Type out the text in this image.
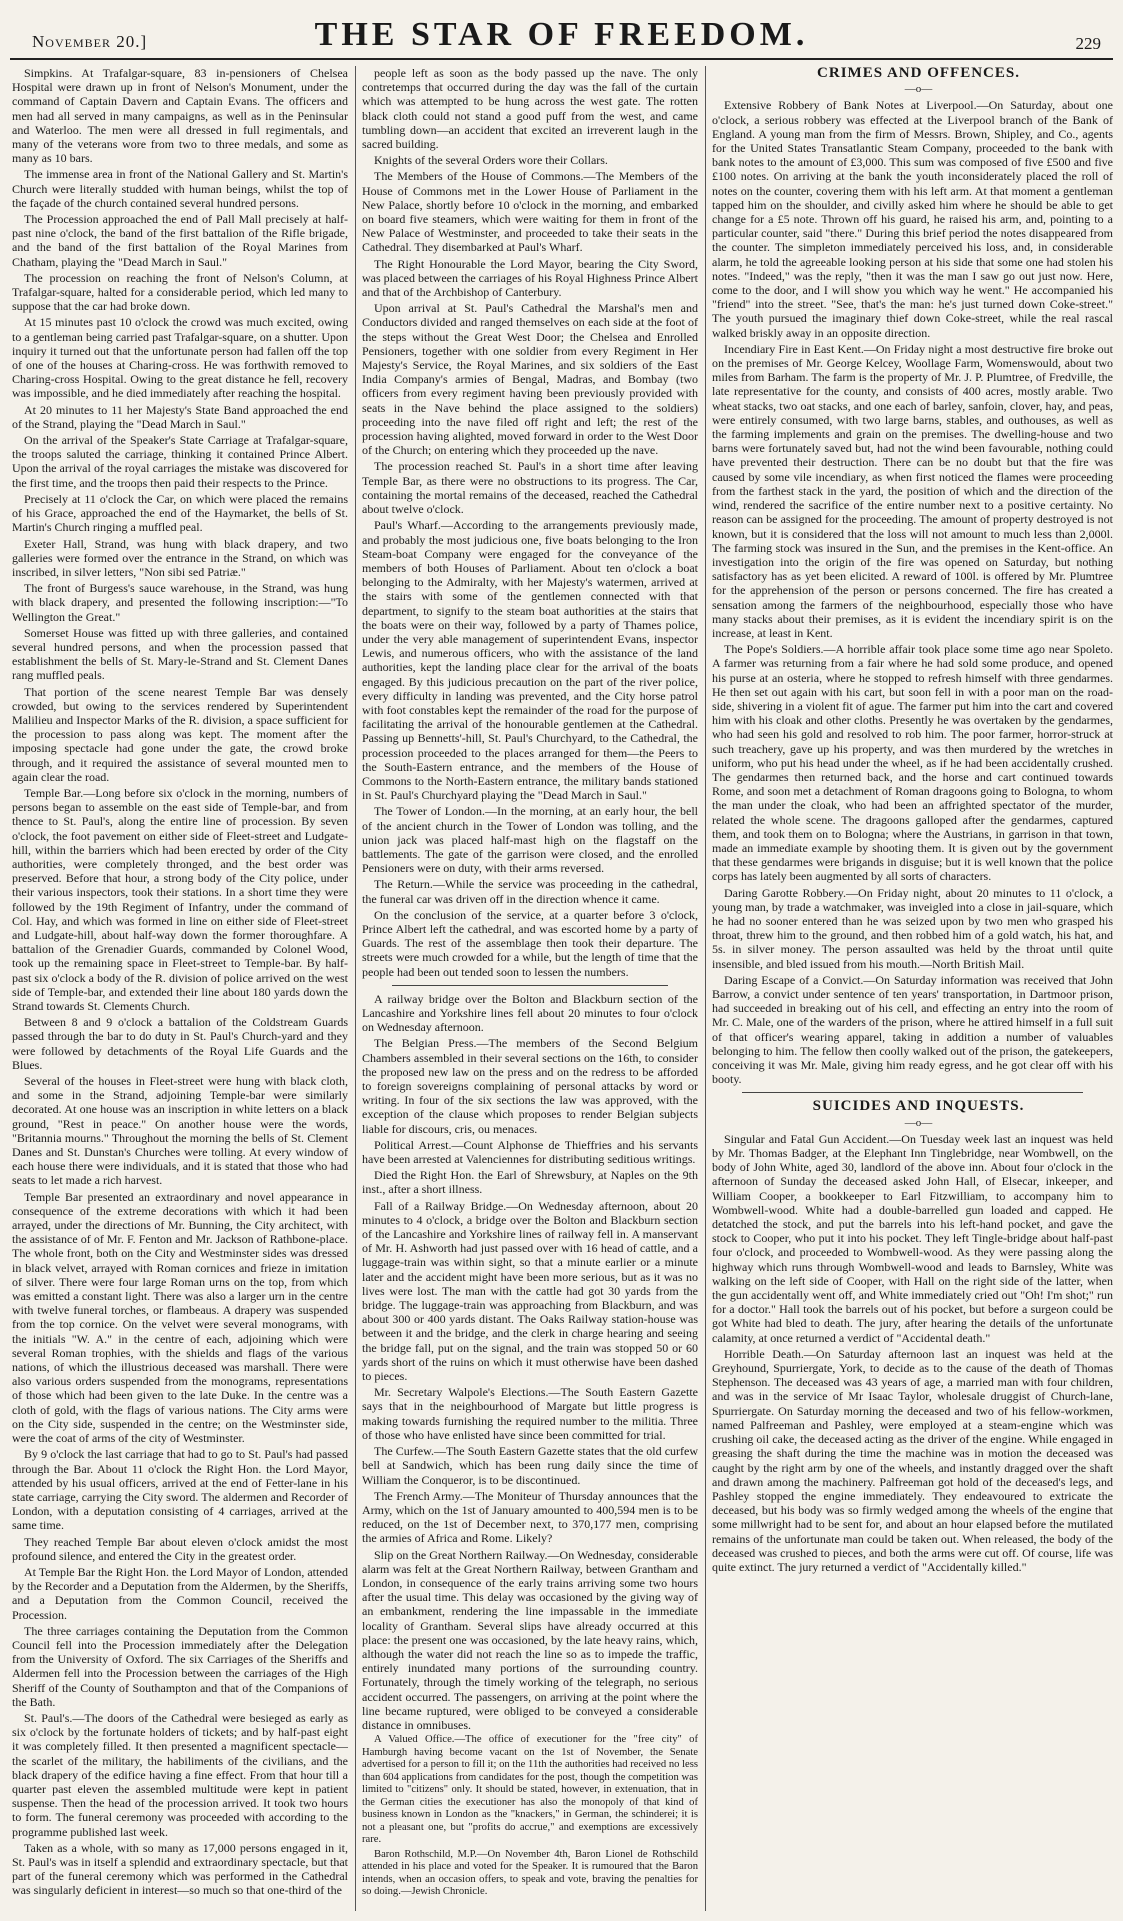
November 20.]	THE STAR OF FREEDOM.	229

Simpkins. At Trafalgar-square, 83 in-pensioners of Chelsea Hospital were drawn up in front of Nelson's Monument, under the command of Captain Davern and Captain Evans. The officers and men had all served in many campaigns, as well as in the Peninsular and Waterloo. The men were all dressed in full regimentals, and many of the veterans wore from two to three medals, and some as many as 10 bars.

The immense area in front of the National Gallery and St. Martin's Church were literally studded with human beings, whilst the top of the façade of the church contained several hundred persons.

The Procession approached the end of Pall Mall precisely at half-past nine o'clock, the band of the first battalion of the Rifle brigade, and the band of the first battalion of the Royal Marines from Chatham, playing the "Dead March in Saul."

The procession on reaching the front of Nelson's Column, at Trafalgar-square, halted for a considerable period, which led many to suppose that the car had broke down.

At 15 minutes past 10 o'clock the crowd was much excited, owing to a gentleman being carried past Trafalgar-square, on a shutter. Upon inquiry it turned out that the unfortunate person had fallen off the top of one of the houses at Charing-cross. He was forthwith removed to Charing-cross Hospital. Owing to the great distance he fell, recovery was impossible, and he died immediately after reaching the hospital.

At 20 minutes to 11 her Majesty's State Band approached the end of the Strand, playing the "Dead March in Saul."

On the arrival of the Speaker's State Carriage at Trafalgar-square, the troops saluted the carriage, thinking it contained Prince Albert. Upon the arrival of the royal carriages the mistake was discovered for the first time, and the troops then paid their respects to the Prince.

Precisely at 11 o'clock the Car, on which were placed the remains of his Grace, approached the end of the Haymarket, the bells of St. Martin's Church ringing a muffled peal.

Exeter Hall, Strand, was hung with black drapery, and two galleries were formed over the entrance in the Strand, on which was inscribed, in silver letters, "Non sibi sed Patriæ."

The front of Burgess's sauce warehouse, in the Strand, was hung with black drapery, and presented the following inscription:—"To Wellington the Great."

Somerset House was fitted up with three galleries, and contained several hundred persons, and when the procession passed that establishment the bells of St. Mary-le-Strand and St. Clement Danes rang muffled peals.

That portion of the scene nearest Temple Bar was densely crowded, but owing to the services rendered by Superintendent Malilieu and Inspector Marks of the R. division, a space sufficient for the procession to pass along was kept. The moment after the imposing spectacle had gone under the gate, the crowd broke through, and it required the assistance of several mounted men to again clear the road.

Temple Bar.—Long before six o'clock in the morning, numbers of persons began to assemble on the east side of Temple-bar, and from thence to St. Paul's, along the entire line of procession. By seven o'clock, the foot pavement on either side of Fleet-street and Ludgate-hill, within the barriers which had been erected by order of the City authorities, were completely thronged, and the best order was preserved. Before that hour, a strong body of the City police, under their various inspectors, took their stations. In a short time they were followed by the 19th Regiment of Infantry, under the command of Col. Hay, and which was formed in line on either side of Fleet-street and Ludgate-hill, about half-way down the former thoroughfare. A battalion of the Grenadier Guards, commanded by Colonel Wood, took up the remaining space in Fleet-street to Temple-bar. By half-past six o'clock a body of the R. division of police arrived on the west side of Temple-bar, and extended their line about 180 yards down the Strand towards St. Clements Church.

Between 8 and 9 o'clock a battalion of the Coldstream Guards passed through the bar to do duty in St. Paul's Church-yard and they were followed by detachments of the Royal Life Guards and the Blues.

Several of the houses in Fleet-street were hung with black cloth, and some in the Strand, adjoining Temple-bar were similarly decorated. At one house was an inscription in white letters on a black ground, "Rest in peace." On another house were the words, "Britannia mourns." Throughout the morning the bells of St. Clement Danes and St. Dunstan's Churches were tolling. At every window of each house there were individuals, and it is stated that those who had seats to let made a rich harvest.

Temple Bar presented an extraordinary and novel appearance in consequence of the extreme decorations with which it had been arrayed, under the directions of Mr. Bunning, the City architect, with the assistance of of Mr. F. Fenton and Mr. Jackson of Rathbone-place. The whole front, both on the City and Westminster sides was dressed in black velvet, arrayed with Roman cornices and frieze in imitation of silver. There were four large Roman urns on the top, from which was emitted a constant light. There was also a larger urn in the centre with twelve funeral torches, or flambeaus. A drapery was suspended from the top cornice. On the velvet were several monograms, with the initials "W. A." in the centre of each, adjoining which were several Roman trophies, with the shields and flags of the various nations, of which the illustrious deceased was marshall. There were also various orders suspended from the monograms, representations of those which had been given to the late Duke. In the centre was a cloth of gold, with the flags of various nations. The City arms were on the City side, suspended in the centre; on the Westminster side, were the coat of arms of the city of Westminster.

By 9 o'clock the last carriage that had to go to St. Paul's had passed through the Bar. About 11 o'clock the Right Hon. the Lord Mayor, attended by his usual officers, arrived at the end of Fetter-lane in his state carriage, carrying the City sword. The aldermen and Recorder of London, with a deputation consisting of 4 carriages, arrived at the same time.

They reached Temple Bar about eleven o'clock amidst the most profound silence, and entered the City in the greatest order.

At Temple Bar the Right Hon. the Lord Mayor of London, attended by the Recorder and a Deputation from the Aldermen, by the Sheriffs, and a Deputation from the Common Council, received the Procession.

The three carriages containing the Deputation from the Common Council fell into the Procession immediately after the Delegation from the University of Oxford. The six Carriages of the Sheriffs and Aldermen fell into the Procession between the carriages of the High Sheriff of the County of Southampton and that of the Companions of the Bath.

St. Paul's.—The doors of the Cathedral were besieged as early as six o'clock by the fortunate holders of tickets; and by half-past eight it was completely filled. It then presented a magnificent spectacle—the scarlet of the military, the habiliments of the civilians, and the black drapery of the edifice having a fine effect. From that hour till a quarter past eleven the assembled multitude were kept in patient suspense. Then the head of the procession arrived. It took two hours to form. The funeral ceremony was proceeded with according to the programme published last week.

Taken as a whole, with so many as 17,000 persons engaged in it, St. Paul's was in itself a splendid and extraordinary spectacle, but that part of the funeral ceremony which was performed in the Cathedral was singularly deficient in interest—so much so that one-third of the

people left as soon as the body passed up the nave. The only contretemps that occurred during the day was the fall of the curtain which was attempted to be hung across the west gate. The rotten black cloth could not stand a good puff from the west, and came tumbling down—an accident that excited an irreverent laugh in the sacred building.

Knights of the several Orders wore their Collars.

The Members of the House of Commons.—The Members of the House of Commons met in the Lower House of Parliament in the New Palace, shortly before 10 o'clock in the morning, and embarked on board five steamers, which were waiting for them in front of the New Palace of Westminster, and proceeded to take their seats in the Cathedral. They disembarked at Paul's Wharf.

The Right Honourable the Lord Mayor, bearing the City Sword, was placed between the carriages of his Royal Highness Prince Albert and that of the Archbishop of Canterbury.

Upon arrival at St. Paul's Cathedral the Marshal's men and Conductors divided and ranged themselves on each side at the foot of the steps without the Great West Door; the Chelsea and Enrolled Pensioners, together with one soldier from every Regiment in Her Majesty's Service, the Royal Marines, and six soldiers of the East India Company's armies of Bengal, Madras, and Bombay (two officers from every regiment having been previously provided with seats in the Nave behind the place assigned to the soldiers) proceeding into the nave filed off right and left; the rest of the procession having alighted, moved forward in order to the West Door of the Church; on entering which they proceeded up the nave.

The procession reached St. Paul's in a short time after leaving Temple Bar, as there were no obstructions to its progress. The Car, containing the mortal remains of the deceased, reached the Cathedral about twelve o'clock.

Paul's Wharf.—According to the arrangements previously made, and probably the most judicious one, five boats belonging to the Iron Steam-boat Company were engaged for the conveyance of the members of both Houses of Parliament. About ten o'clock a boat belonging to the Admiralty, with her Majesty's watermen, arrived at the stairs with some of the gentlemen connected with that department, to signify to the steam boat authorities at the stairs that the boats were on their way, followed by a party of Thames police, under the very able management of superintendent Evans, inspector Lewis, and numerous officers, who with the assistance of the land authorities, kept the landing place clear for the arrival of the boats engaged. By this judicious precaution on the part of the river police, every difficulty in landing was prevented, and the City horse patrol with foot constables kept the remainder of the road for the purpose of facilitating the arrival of the honourable gentlemen at the Cathedral. Passing up Bennetts'-hill, St. Paul's Churchyard, to the Cathedral, the procession proceeded to the places arranged for them—the Peers to the South-Eastern entrance, and the members of the House of Commons to the North-Eastern entrance, the military bands stationed in St. Paul's Churchyard playing the "Dead March in Saul."

The Tower of London.—In the morning, at an early hour, the bell of the ancient church in the Tower of London was tolling, and the union jack was placed half-mast high on the flagstaff on the battlements. The gate of the garrison were closed, and the enrolled Pensioners were on duty, with their arms reversed.

The Return.—While the service was proceeding in the cathedral, the funeral car was driven off in the direction whence it came.

On the conclusion of the service, at a quarter before 3 o'clock, Prince Albert left the cathedral, and was escorted home by a party of Guards. The rest of the assemblage then took their departure. The streets were much crowded for a while, but the length of time that the people had been out tended soon to lessen the numbers.

A railway bridge over the Bolton and Blackburn section of the Lancashire and Yorkshire lines fell about 20 minutes to four o'clock on Wednesday afternoon.

The Belgian Press.—The members of the Second Belgium Chambers assembled in their several sections on the 16th, to consider the proposed new law on the press and on the redress to be afforded to foreign sovereigns complaining of personal attacks by word or writing. In four of the six sections the law was approved, with the exception of the clause which proposes to render Belgian subjects liable for discours, cris, ou menaces.

Political Arrest.—Count Alphonse de Thieffries and his servants have been arrested at Valenciennes for distributing seditious writings.

Died the Right Hon. the Earl of Shrewsbury, at Naples on the 9th inst., after a short illness.

Fall of a Railway Bridge.—On Wednesday afternoon, about 20 minutes to 4 o'clock, a bridge over the Bolton and Blackburn section of the Lancashire and Yorkshire lines of railway fell in. A manservant of Mr. H. Ashworth had just passed over with 16 head of cattle, and a luggage-train was within sight, so that a minute earlier or a minute later and the accident might have been more serious, but as it was no lives were lost. The man with the cattle had got 30 yards from the bridge. The luggage-train was approaching from Blackburn, and was about 300 or 400 yards distant. The Oaks Railway station-house was between it and the bridge, and the clerk in charge hearing and seeing the bridge fall, put on the signal, and the train was stopped 50 or 60 yards short of the ruins on which it must otherwise have been dashed to pieces.

Mr. Secretary Walpole's Elections.—The South Eastern Gazette says that in the neighbourhood of Margate but little progress is making towards furnishing the required number to the militia. Three of those who have enlisted have since been committed for trial.

The Curfew.—The South Eastern Gazette states that the old curfew bell at Sandwich, which has been rung daily since the time of William the Conqueror, is to be discontinued.

The French Army.—The Moniteur of Thursday announces that the Army, which on the 1st of January amounted to 400,594 men is to be reduced, on the 1st of December next, to 370,177 men, comprising the armies of Africa and Rome. Likely?

Slip on the Great Northern Railway.—On Wednesday, considerable alarm was felt at the Great Northern Railway, between Grantham and London, in consequence of the early trains arriving some two hours after the usual time. This delay was occasioned by the giving way of an embankment, rendering the line impassable in the immediate locality of Grantham. Several slips have already occurred at this place: the present one was occasioned, by the late heavy rains, which, although the water did not reach the line so as to impede the traffic, entirely inundated many portions of the surrounding country. Fortunately, through the timely working of the telegraph, no serious accident occurred. The passengers, on arriving at the point where the line became ruptured, were obliged to be conveyed a considerable distance in omnibuses.

A Valued Office.—The office of executioner for the "free city" of Hamburgh having become vacant on the 1st of November, the Senate advertised for a person to fill it; on the 11th the authorities had received no less than 604 applications from candidates for the post, though the competition was limited to "citizens" only. It should be stated, however, in extenuation, that in the German cities the executioner has also the monopoly of that kind of business known in London as the "knackers," in German, the schinderei; it is not a pleasant one, but "profits do accrue," and exemptions are excessively rare.

Baron Rothschild, M.P.—On November 4th, Baron Lionel de Rothschild attended in his place and voted for the Speaker. It is rumoured that the Baron intends, when an occasion offers, to speak and vote, braving the penalties for so doing.—Jewish Chronicle.

CRIMES AND OFFENCES.

—o—

Extensive Robbery of Bank Notes at Liverpool.—On Saturday, about one o'clock, a serious robbery was effected at the Liverpool branch of the Bank of England. A young man from the firm of Messrs. Brown, Shipley, and Co., agents for the United States Transatlantic Steam Company, proceeded to the bank with bank notes to the amount of £3,000. This sum was composed of five £500 and five £100 notes. On arriving at the bank the youth inconsiderately placed the roll of notes on the counter, covering them with his left arm. At that moment a gentleman tapped him on the shoulder, and civilly asked him where he should be able to get change for a £5 note. Thrown off his guard, he raised his arm, and, pointing to a particular counter, said "there." During this brief period the notes disappeared from the counter. The simpleton immediately perceived his loss, and, in considerable alarm, he told the agreeable looking person at his side that some one had stolen his notes. "Indeed," was the reply, "then it was the man I saw go out just now. Here, come to the door, and I will show you which way he went." He accompanied his "friend" into the street. "See, that's the man: he's just turned down Coke-street." The youth pursued the imaginary thief down Coke-street, while the real rascal walked briskly away in an opposite direction.

Incendiary Fire in East Kent.—On Friday night a most destructive fire broke out on the premises of Mr. George Kelcey, Woollage Farm, Womenswould, about two miles from Barham. The farm is the property of Mr. J. P. Plumtree, of Fredville, the late representative for the county, and consists of 400 acres, mostly arable. Two wheat stacks, two oat stacks, and one each of barley, sanfoin, clover, hay, and peas, were entirely consumed, with two large barns, stables, and outhouses, as well as the farming implements and grain on the premises. The dwelling-house and two barns were fortunately saved but, had not the wind been favourable, nothing could have prevented their destruction. There can be no doubt but that the fire was caused by some vile incendiary, as when first noticed the flames were proceeding from the farthest stack in the yard, the position of which and the direction of the wind, rendered the sacrifice of the entire number next to a positive certainty. No reason can be assigned for the proceeding. The amount of property destroyed is not known, but it is considered that the loss will not amount to much less than 2,000l. The farming stock was insured in the Sun, and the premises in the Kent-office. An investigation into the origin of the fire was opened on Saturday, but nothing satisfactory has as yet been elicited. A reward of 100l. is offered by Mr. Plumtree for the apprehension of the person or persons concerned. The fire has created a sensation among the farmers of the neighbourhood, especially those who have many stacks about their premises, as it is evident the incendiary spirit is on the increase, at least in Kent.

The Pope's Soldiers.—A horrible affair took place some time ago near Spoleto. A farmer was returning from a fair where he had sold some produce, and opened his purse at an osteria, where he stopped to refresh himself with three gendarmes. He then set out again with his cart, but soon fell in with a poor man on the road-side, shivering in a violent fit of ague. The farmer put him into the cart and covered him with his cloak and other cloths. Presently he was overtaken by the gendarmes, who had seen his gold and resolved to rob him. The poor farmer, horror-struck at such treachery, gave up his property, and was then murdered by the wretches in uniform, who put his head under the wheel, as if he had been accidentally crushed. The gendarmes then returned back, and the horse and cart continued towards Rome, and soon met a detachment of Roman dragoons going to Bologna, to whom the man under the cloak, who had been an affrighted spectator of the murder, related the whole scene. The dragoons galloped after the gendarmes, captured them, and took them on to Bologna; where the Austrians, in garrison in that town, made an immediate example by shooting them. It is given out by the government that these gendarmes were brigands in disguise; but it is well known that the police corps has lately been augmented by all sorts of characters.

Daring Garotte Robbery.—On Friday night, about 20 minutes to 11 o'clock, a young man, by trade a watchmaker, was inveigled into a close in jail-square, which he had no sooner entered than he was seized upon by two men who grasped his throat, threw him to the ground, and then robbed him of a gold watch, his hat, and 5s. in silver money. The person assaulted was held by the throat until quite insensible, and bled issued from his mouth.—North British Mail.

Daring Escape of a Convict.—On Saturday information was received that John Barrow, a convict under sentence of ten years' transportation, in Dartmoor prison, had succeeded in breaking out of his cell, and effecting an entry into the room of Mr. C. Male, one of the warders of the prison, where he attired himself in a full suit of that officer's wearing apparel, taking in addition a number of valuables belonging to him. The fellow then coolly walked out of the prison, the gatekeepers, conceiving it was Mr. Male, giving him ready egress, and he got clear off with his booty.

SUICIDES AND INQUESTS.

—o—

Singular and Fatal Gun Accident.—On Tuesday week last an inquest was held by Mr. Thomas Badger, at the Elephant Inn Tinglebridge, near Wombwell, on the body of John White, aged 30, landlord of the above inn. About four o'clock in the afternoon of Sunday the deceased asked John Hall, of Elsecar, inkeeper, and William Cooper, a bookkeeper to Earl Fitzwilliam, to accompany him to Wombwell-wood. White had a double-barrelled gun loaded and capped. He detatched the stock, and put the barrels into his left-hand pocket, and gave the stock to Cooper, who put it into his pocket. They left Tingle-bridge about half-past four o'clock, and proceeded to Wombwell-wood. As they were passing along the highway which runs through Wombwell-wood and leads to Barnsley, White was walking on the left side of Cooper, with Hall on the right side of the latter, when the gun accidentally went off, and White immediately cried out "Oh! I'm shot;" run for a doctor." Hall took the barrels out of his pocket, but before a surgeon could be got White had bled to death. The jury, after hearing the details of the unfortunate calamity, at once returned a verdict of "Accidental death."

Horrible Death.—On Saturday afternoon last an inquest was held at the Greyhound, Spurriergate, York, to decide as to the cause of the death of Thomas Stephenson. The deceased was 43 years of age, a married man with four children, and was in the service of Mr Isaac Taylor, wholesale druggist of Church-lane, Spurriergate. On Saturday morning the deceased and two of his fellow-workmen, named Palfreeman and Pashley, were employed at a steam-engine which was crushing oil cake, the deceased acting as the driver of the engine. While engaged in greasing the shaft during the time the machine was in motion the deceased was caught by the right arm by one of the wheels, and instantly dragged over the shaft and drawn among the machinery. Palfreeman got hold of the deceased's legs, and Pashley stopped the engine immediately. They endeavoured to extricate the deceased, but his body was so firmly wedged among the wheels of the engine that some millwright had to be sent for, and about an hour elapsed before the mutilated remains of the unfortunate man could be taken out. When released, the body of the deceased was crushed to pieces, and both the arms were cut off. Of course, life was quite extinct. The jury returned a verdict of "Accidentally killed."
